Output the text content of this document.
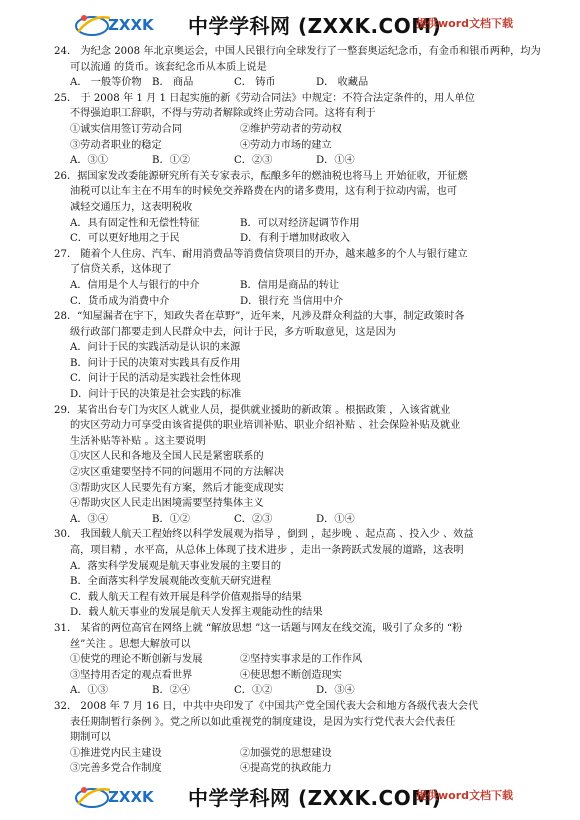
ZXXK 中学学科网 (ZXXK.COM)
提供word文档下载
24． 为纪念 2008 年北京奥运会，中国人民银行向全球发行了一整套奥运纪念币，有金币和银币两种，均为
可以流通 的货币。该套纪念币从本质上说是
A． 一般等价物	B． 商品	C． 铸币	D． 收藏品
25． 于 2008 年 1 月 1 日起实施的新《劳动合同法》中规定：不符合法定条件的，用人单位
不得强迫职工辞职，不得与劳动者解除或终止劳动合同。这将有利于
①诚实信用签订劳动合同	②维护劳动者的劳动权
③劳动者职业的稳定	④劳动力市场的建立
A．③①	B．①②	C．②③	D．①④
26．据国家发改委能源研究所有关专家表示，酝酿多年的燃油税也将马上 开始征收，开征燃
油税可以让车主在不用车的时候免交养路费在内的诸多费用，这有利于拉动内需，也可
减轻交通压力，这表明税收
A．具有固定性和无偿性特征	B．可以对经济起调节作用
C．可以更好地用之于民	D．有利于增加财政收入
27． 随着个人住房、汽车、耐用消费品等消费信贷项目的开办，越来越多的个人与银行建立
了信贷关系，这体现了
A．信用是个人与银行的中介	B．信用是商品的转让
C．货币成为消费中介	D．银行充 当信用中介
28．“知屋漏者在宇下，知政失者在草野”，近年来，凡涉及群众利益的大事，制定政策时各
级行政部门都要走到人民群众中去，问计于民，多方听取意见，这是因为
A．问计于民的实践活动是认识的来源
B．问计于民的决策对实践具有反作用
C．问计于民的活动是实践社会性体现
D．问计于民的决策是社会实践的标准
29．某省出台专门为灾区人就业人员，提供就业援助的新政策 。根据政策 ，入该省就业
的灾区劳动力可享受由该省提供的职业培训补贴、职业介绍补贴 、社会保险补贴及就业
生活补贴等补贴 。这主要说明
①灾区人民和各地及全国人民是紧密联系的
②灾区重建要坚持不同的问题用不同的方法解决
③帮助灾区人民要先有方案，然后才能变成现实
④帮助灾区人民走出困境需要坚持集体主义
A．③④	B．①②	C．②③	D．①④
30． 我国载人航天工程始终以科学发展观为指导 ，倒到 ，起步晚 、起点高 、投入少 、效益
高，项目精 ，水平高，从总体上体现了技术进步 ，走出一条跨跃式发展的道路，这表明
A．落实科学发展观是航天事业发展的主要目的
B．全面落实科学发展观能改变航天研究进程
C．载人航天工程有效开展是科学价值观指导的结果
D．载人航天事业的发展是航天人发挥主观能动性的结果
31． 某省的两位高官在网络上就 “解放思想 ”这一话题与网友在线交流，吸引了众多的 “粉
丝”关注 。思想大解放可以
①使党的理论不断创新与发展	②坚持实事求是的工作作风
③坚持用否定的观点看世界	④使思想不断创造现实
A．①③	B．②④	C．①②	D．③④
32． 2008 年 7 月 16 日，中共中央印发了《中国共产党全国代表大会和地方各级代表大会代
表任期制暂行条例 》。党之所以如此重视党的制度建设，是因为实行党代表大会代表任
期制可以
①推进党内民主建设	②加强党的思想建设
③完善多党合作制度	④提高党的执政能力
ZXXK 中学学科网 (ZXXK.COM)
提供word文档下载
